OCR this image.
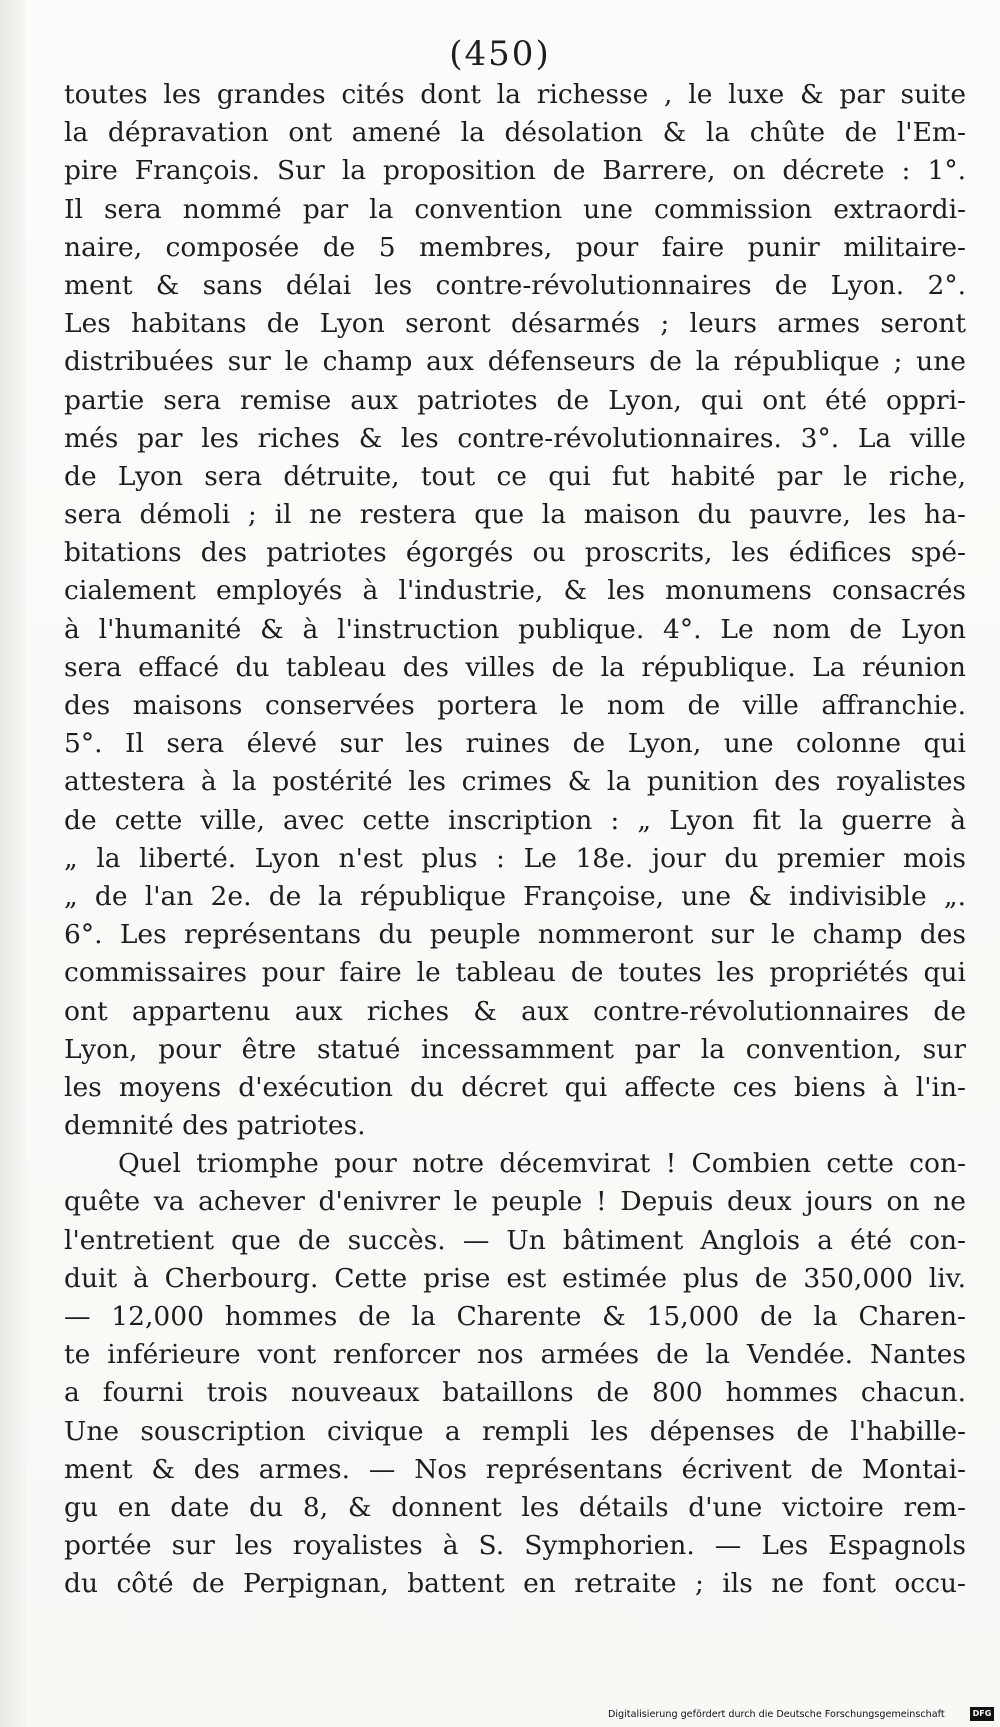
(450)
toutes les grandes cités dont la richesse , le luxe & par suite
la dépravation ont amené la désolation & la chûte de l'Em-
pire François. Sur la proposition de Barrere, on décrete : 1°.
Il sera nommé par la convention une commission extraordi-
naire, composée de 5 membres, pour faire punir militaire-
ment & sans délai les contre-révolutionnaires de Lyon. 2°.
Les habitans de Lyon seront désarmés ; leurs armes seront
distribuées sur le champ aux défenseurs de la république ; une
partie sera remise aux patriotes de Lyon, qui ont été oppri-
més par les riches & les contre-révolutionnaires. 3°. La ville
de Lyon sera détruite, tout ce qui fut habité par le riche,
sera démoli ; il ne restera que la maison du pauvre, les ha-
bitations des patriotes égorgés ou proscrits, les édifices spé-
cialement employés à l'industrie, & les monumens consacrés
à l'humanité & à l'instruction publique. 4°. Le nom de Lyon
sera effacé du tableau des villes de la république. La réunion
des maisons conservées portera le nom de ville affranchie.
5°. Il sera élevé sur les ruines de Lyon, une colonne qui
attestera à la postérité les crimes & la punition des royalistes
de cette ville, avec cette inscription : „ Lyon fit la guerre à
„ la liberté. Lyon n'est plus : Le 18e. jour du premier mois
„ de l'an 2e. de la république Françoise, une & indivisible „.
6°. Les représentans du peuple nommeront sur le champ des
commissaires pour faire le tableau de toutes les propriétés qui
ont appartenu aux riches & aux contre-révolutionnaires de
Lyon, pour être statué incessamment par la convention, sur
les moyens d'exécution du décret qui affecte ces biens à l'in-
demnité des patriotes.
Quel triomphe pour notre décemvirat ! Combien cette con-
quête va achever d'enivrer le peuple ! Depuis deux jours on ne
l'entretient que de succès. — Un bâtiment Anglois a été con-
duit à Cherbourg. Cette prise est estimée plus de 350,000 liv.
— 12,000 hommes de la Charente & 15,000 de la Charen-
te inférieure vont renforcer nos armées de la Vendée. Nantes
a fourni trois nouveaux bataillons de 800 hommes chacun.
Une souscription civique a rempli les dépenses de l'habille-
ment & des armes. — Nos représentans écrivent de Montai-
gu en date du 8, & donnent les détails d'une victoire rem-
portée sur les royalistes à S. Symphorien. — Les Espagnols
du côté de Perpignan, battent en retraite ; ils ne font occu-
Digitalisierung gefördert durch die Deutsche Forschungsgemeinschaft	DFG
